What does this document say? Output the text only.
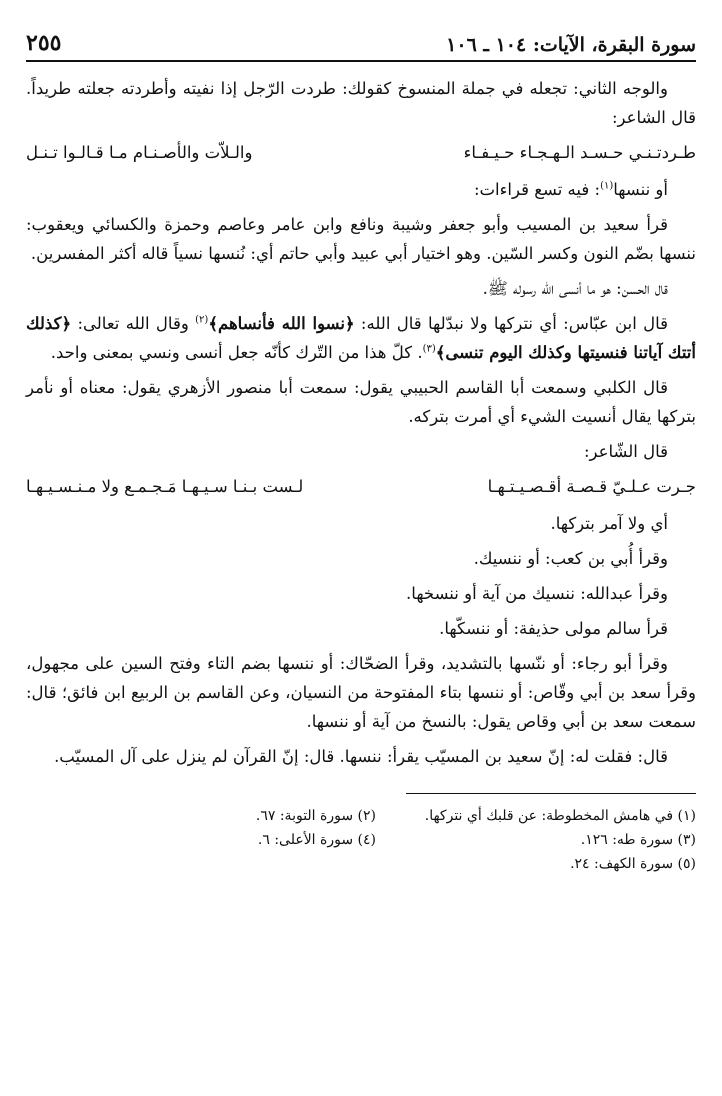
سورة البقرة، الآيات: ١٠٤ ـ ١٠٦
٢٥٥

والوجه الثاني: تجعله في جملة المنسوخ كقولك: طردت الرّجل إذا نفيته وأطردته جعلته طريداً. قال الشاعر:

طـردتـنـي حـسـد الـهـجـاء حـيـفـاء
والـلاّت والأصـنـام مـا قـالـوا تـنـل

أو ننسها$^{(١)}$: فيه تسع قراءات:

قرأ سعيد بن المسيب وأبو جعفر وشيبة ونافع وابن عامر وعاصم وحمزة والكسائي ويعقوب: ننسها بضّم النون وكسر السّين. وهو اختيار أبي عبيد وأبي حاتم أي: نُنسها نسياً قاله أكثر المفسرين.

قال الحسن: هو ما أنسى الله رسوله ﷺ.

قال ابن عبّاس: أي نتركها ولا نبدّلها قال الله: ﴿نسوا الله فأنساهم﴾$^{(٢)}$ وقال الله تعالى: ﴿كذلك أتتك آياتنا فنسيتها وكذلك اليوم تنسى﴾$^{(٣)}$. كلّ هذا من التّرك كأنّه جعل أنسى ونسي بمعنى واحد.

قال الكلبي وسمعت أبا القاسم الحبيبي يقول: سمعت أبا منصور الأزهري يقول: معناه أو نأمر بتركها يقال أنسيت الشيء أي أمرت بتركه.

قال الشّاعر:

جـرت عـلـيّ قـصـة أقـصـيـتـهـا
لـست بـنـا سـيـهـا مَـجـمـع ولا مـنـسـيـهـا

أي ولا آمر بتركها.

وقرأ أُبي بن كعب: أو ننسيك.

وقرأ عبدالله: ننسيك من آية أو ننسخها.

قرأ سالم مولى حذيفة: أو ننسكّها.

وقرأ أبو رجاء: أو ننّسها بالتشديد، وقرأ الضحّاك: أو ننسها بضم التاء وفتح السين على مجهول، وقرأ سعد بن أبي وقّاص: أو ننسها بتاء المفتوحة من النسيان، وعن القاسم بن الربيع ابن فائق؛ قال: سمعت سعد بن أبي وقاص يقول: بالنسخ من آية أو ننسها.

قال: فقلت له: إنّ سعيد بن المسيّب يقرأ: ننسها. قال: إنّ القرآن لم ينزل على آل المسيّب.

(١) في هامش المخطوطة: عن قلبك أي نتركها.
(٢) سورة التوبة: ٦٧.
(٣) سورة طه: ١٢٦.
(٤) سورة الأعلى: ٦.
(٥) سورة الكهف: ٢٤.
